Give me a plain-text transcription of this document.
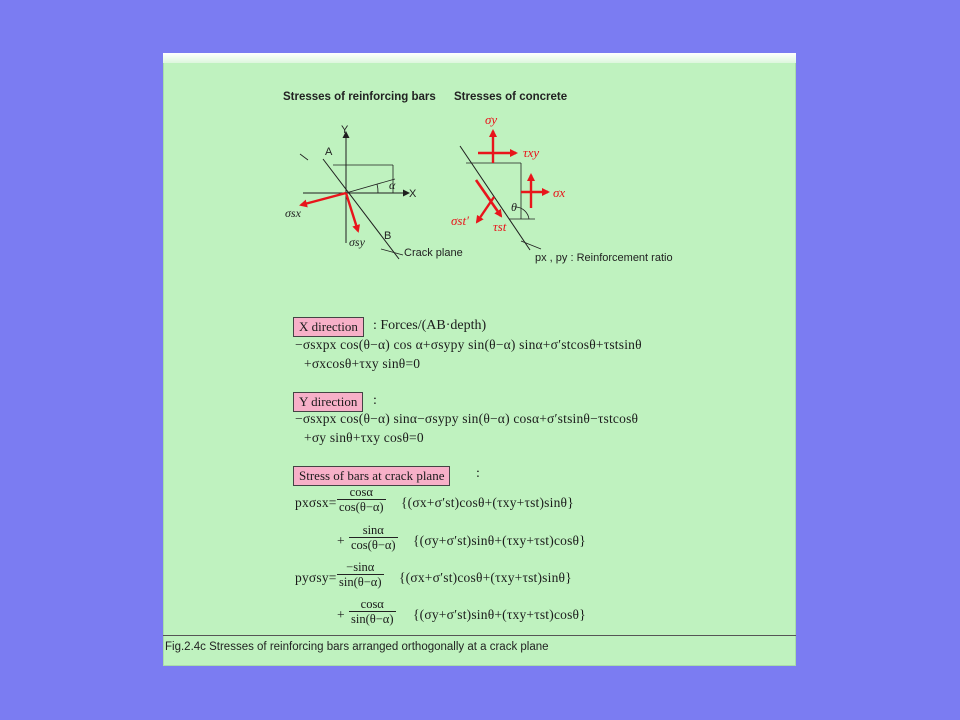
Stresses of reinforcing bars Stresses of concrete
Y
X
A
B
α
σsx
σsy
Crack plane
σy
τxy
σx
θ
σst′ τst
px , py : Reinforcement ratio
X direction	: Forces/(AB·depth)
−σsxpx cos(θ−α) cos α+σsypy sin(θ−α) sinα+σ′stcosθ+τstsinθ
+σxcosθ+τxy sinθ=0
Y direction	:
−σsxpx cos(θ−α) sinα−σsypy sin(θ−α) cosα+σ′stsinθ−τstcosθ
+σy sinθ+τxy cosθ=0
Stress of bars at crack plane	:
$px\sigma sx= \frac{\cos\alpha}{\cos(\theta-\alpha)} \{(\sigma x+\sigma'st)\cos\theta+(\tau xy+\tau st)\sin\theta\}$
+ $\frac{\sin\alpha}{\cos(\theta-\alpha)} \{(\sigma y+\sigma'st)\sin\theta+(\tau xy+\tau st)\cos\theta\}$
$py\sigma sy= \frac{-\sin\alpha}{\sin(\theta-\alpha)} \{(\sigma x+\sigma'st)\cos\theta+(\tau xy+\tau st)\sin\theta\}$
+ $\frac{\cos\alpha}{\sin(\theta-\alpha)} \{(\sigma y+\sigma'st)\sin\theta+(\tau xy+\tau st)\cos\theta\}$
Fig.2.4c Stresses of reinforcing bars arranged orthogonally at a crack plane
